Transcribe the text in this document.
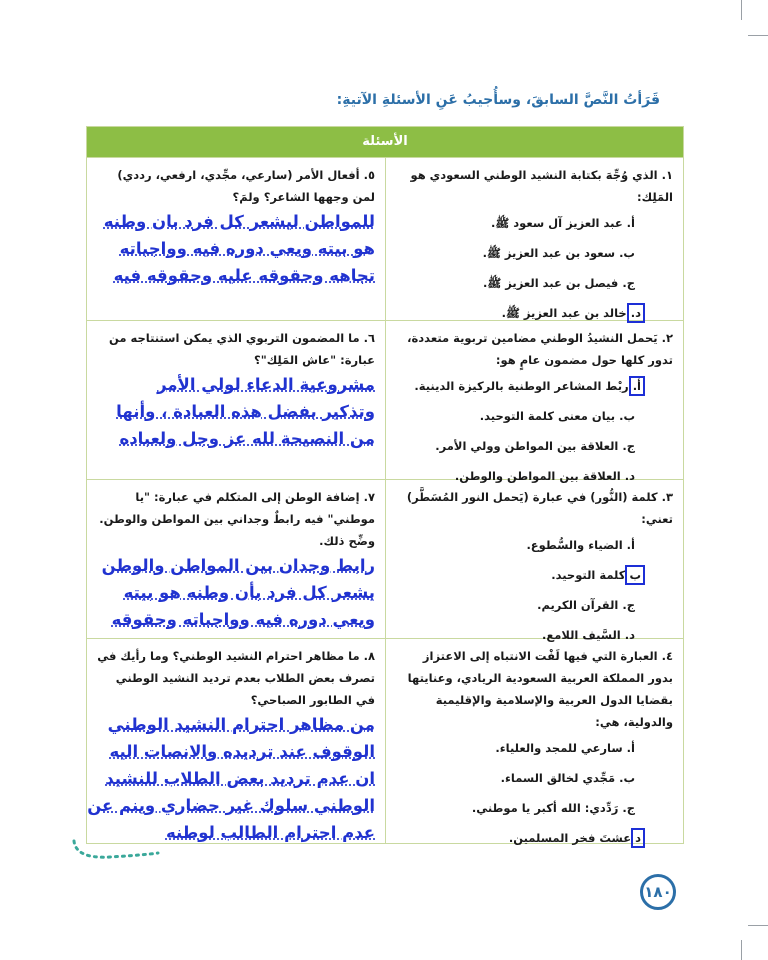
قَرَأتُ النَّصَّ السابقَ، وسأُجيبُ عَنِ الأسئلةِ الآتيةِ:
الأسئلة
١. الذي وُجِّهَ بكتابة النشيد الوطني السعودي هو المَلِك:
أ. عبد العزيز آل سعود ﷺ.
ب. سعود بن عبد العزيز ﷺ.
ج. فيصل بن عبد العزيز ﷺ.
د.خالد بن عبد العزيز ﷺ.
٥. أفعال الأمر (سارعي، مجِّدي، ارفعي، رددي) لمن وجهها الشاعر؟ ولمَ؟
للمواطن ليشعر كل فرد بان وطنه
هو بيته ويعي دوره فيه وواجباته
تجاهه وحقوقه عليه وحقوقه فيه
٢. يَحمل النشيدُ الوطني مضامين تربوية متعددة، تدور كلها حول مضمون عامٍ هو:
أ.ربْط المشاعر الوطنية بالركيزة الدينية.
ب. بيان معنى كلمة التوحيد.
ج. العلاقة بين المواطن وولي الأمر.
د. العلاقة بين المواطن والوطن.
٦. ما المضمون التربوي الذي يمكن استنتاجه من عبارة: "عاش المَلِك"؟
مشروعية الدعاء لولي الأمر
وتذكير بفضل هذه العبادة ، وأنها
من النصيحة لله عز وجل ولعباده
٣. كلمة (النُّور) في عبارة (يَحمل النور المُسَطَّر) تعني:
أ. الضياء والسُّطوع.
بكلمة التوحيد.
ج. القرآن الكريم.
د. السَّيف اللامع.
٧. إضافة الوطن إلى المتكلم في عبارة: "يا موطني" فيه رابطٌ وجداني بين المواطن والوطن. وضِّح ذلك.
رابط وجدان بين المواطن والوطن
يشعر كل فرد بأن وطنه هو بيته
ويعي دوره فيه وواجباته وحقوقه
٤. العبارة التي فيها لَفْت الانتباه إلى الاعتزاز بدور المملكة العربية السعودية الريادي، وعنايتها بقضايا الدول العربية والإسلامية والإقليمية والدولية، هي:
أ. سارعي للمجد والعلياء.
ب. مَجِّدي لخالق السماء.
ج. رَدِّدي: الله أكبر يا موطني.
دعشتَ فخر المسلمين.
٨. ما مظاهر احترام النشيد الوطني؟ وما رأيك في تصرف بعض الطلاب بعدم ترديد النشيد الوطني في الطابور الصباحي؟
من مظاهر احترام النشيد الوطني
الوقوف عند ترديده والانصات اليه
ان عدم ترديد بعض الطلاب للنشيد
الوطني سلوك غير حضاري وينم عن
عدم احترام الطالب لوطنه
١٨٠
